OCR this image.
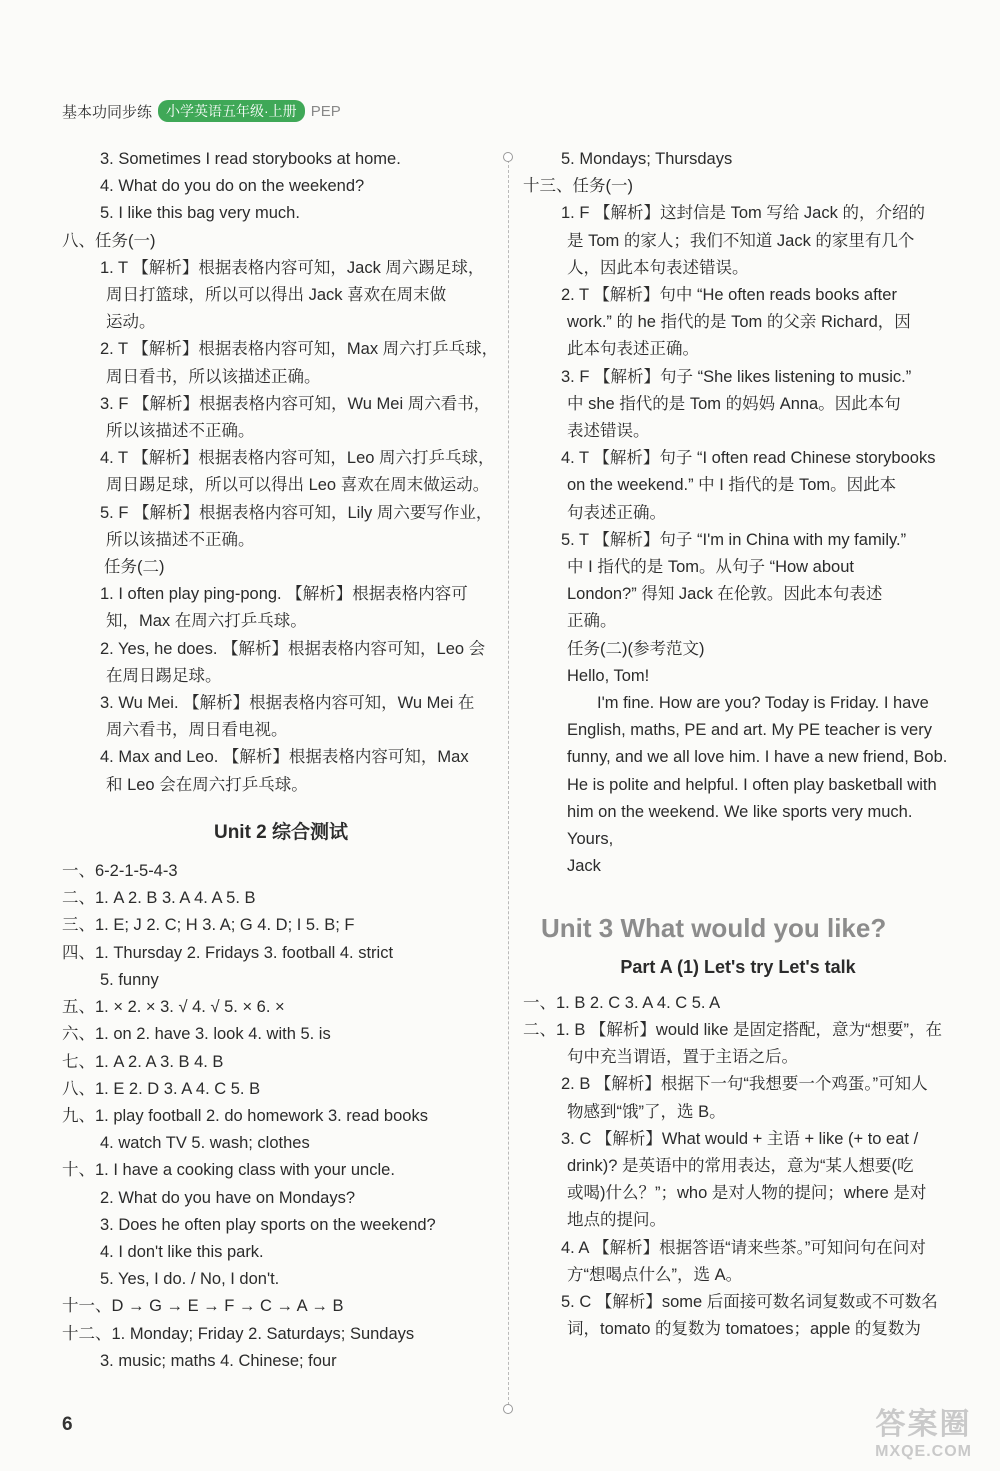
基本功同步练	小学英语五年级·上册 PEP
3. Sometimes I read storybooks at home.
4. What do you do on the weekend?
5. I like this bag very much.
八、任务(一)
1. T 【解析】根据表格内容可知，Jack 周六踢足球，
周日打篮球，所以可以得出 Jack 喜欢在周末做
运动。
2. T 【解析】根据表格内容可知，Max 周六打乒乓球，
周日看书，所以该描述正确。
3. F 【解析】根据表格内容可知，Wu Mei 周六看书，
所以该描述不正确。
4. T 【解析】根据表格内容可知，Leo 周六打乒乓球，
周日踢足球，所以可以得出 Leo 喜欢在周末做运动。
5. F 【解析】根据表格内容可知，Lily 周六要写作业，
所以该描述不正确。
任务(二)
1. I often play ping-pong. 【解析】根据表格内容可
知，Max 在周六打乒乓球。
2. Yes, he does. 【解析】根据表格内容可知，Leo 会
在周日踢足球。
3. Wu Mei. 【解析】根据表格内容可知，Wu Mei 在
周六看书，周日看电视。
4. Max and Leo. 【解析】根据表格内容可知，Max
和 Leo 会在周六打乒乓球。
Unit 2 综合测试
一、6-2-1-5-4-3
二、1. A 2. B 3. A 4. A 5. B
三、1. E; J 2. C; H 3. A; G 4. D; I 5. B; F
四、1. Thursday 2. Fridays 3. football 4. strict
5. funny
五、1. × 2. × 3. √ 4. √ 5. × 6. ×
六、1. on 2. have 3. look 4. with 5. is
七、1. A 2. A 3. B 4. B
八、1. E 2. D 3. A 4. C 5. B
九、1. play football 2. do homework 3. read books
4. watch TV 5. wash; clothes
十、1. I have a cooking class with your uncle.
2. What do you have on Mondays?
3. Does he often play sports on the weekend?
4. I don't like this park.
5. Yes, I do. / No, I don't.
十一、D → G → E → F → C → A → B
十二、1. Monday; Friday 2. Saturdays; Sundays
3. music; maths 4. Chinese; four
5. Mondays; Thursdays
十三、任务(一)
1. F 【解析】这封信是 Tom 写给 Jack 的，介绍的
是 Tom 的家人；我们不知道 Jack 的家里有几个
人，因此本句表述错误。
2. T 【解析】句中 “He often reads books after
work.” 的 he 指代的是 Tom 的父亲 Richard，因
此本句表述正确。
3. F 【解析】句子 “She likes listening to music.”
中 she 指代的是 Tom 的妈妈 Anna。因此本句
表述错误。
4. T 【解析】句子 “I often read Chinese storybooks
on the weekend.” 中 I 指代的是 Tom。因此本
句表述正确。
5. T 【解析】句子 “I'm in China with my family.”
中 I 指代的是 Tom。从句子 “How about
London?” 得知 Jack 在伦敦。因此本句表述
正确。
任务(二)(参考范文)
Hello, Tom!
I'm fine. How are you? Today is Friday. I have English, maths, PE and art. My PE teacher is very funny, and we all love him. I have a new friend, Bob. He is polite and helpful. I often play basketball with him on the weekend. We like sports very much.
Yours,
Jack
Unit 3 What would you like?
Part A (1) Let's try Let's talk
一、1. B 2. C 3. A 4. C 5. A
二、1. B 【解析】would like 是固定搭配，意为“想要”，在
句中充当谓语，置于主语之后。
2. B 【解析】根据下一句“我想要一个鸡蛋。”可知人
物感到“饿”了，选 B。
3. C 【解析】What would + 主语 + like (+ to eat /
drink)? 是英语中的常用表达，意为“某人想要(吃
或喝)什么？”；who 是对人物的提问；where 是对
地点的提问。
4. A 【解析】根据答语“请来些茶。”可知问句在问对
方“想喝点什么”，选 A。
5. C 【解析】some 后面接可数名词复数或不可数名
词，tomato 的复数为 tomatoes；apple 的复数为
6	答案圈
MXQE.COM
